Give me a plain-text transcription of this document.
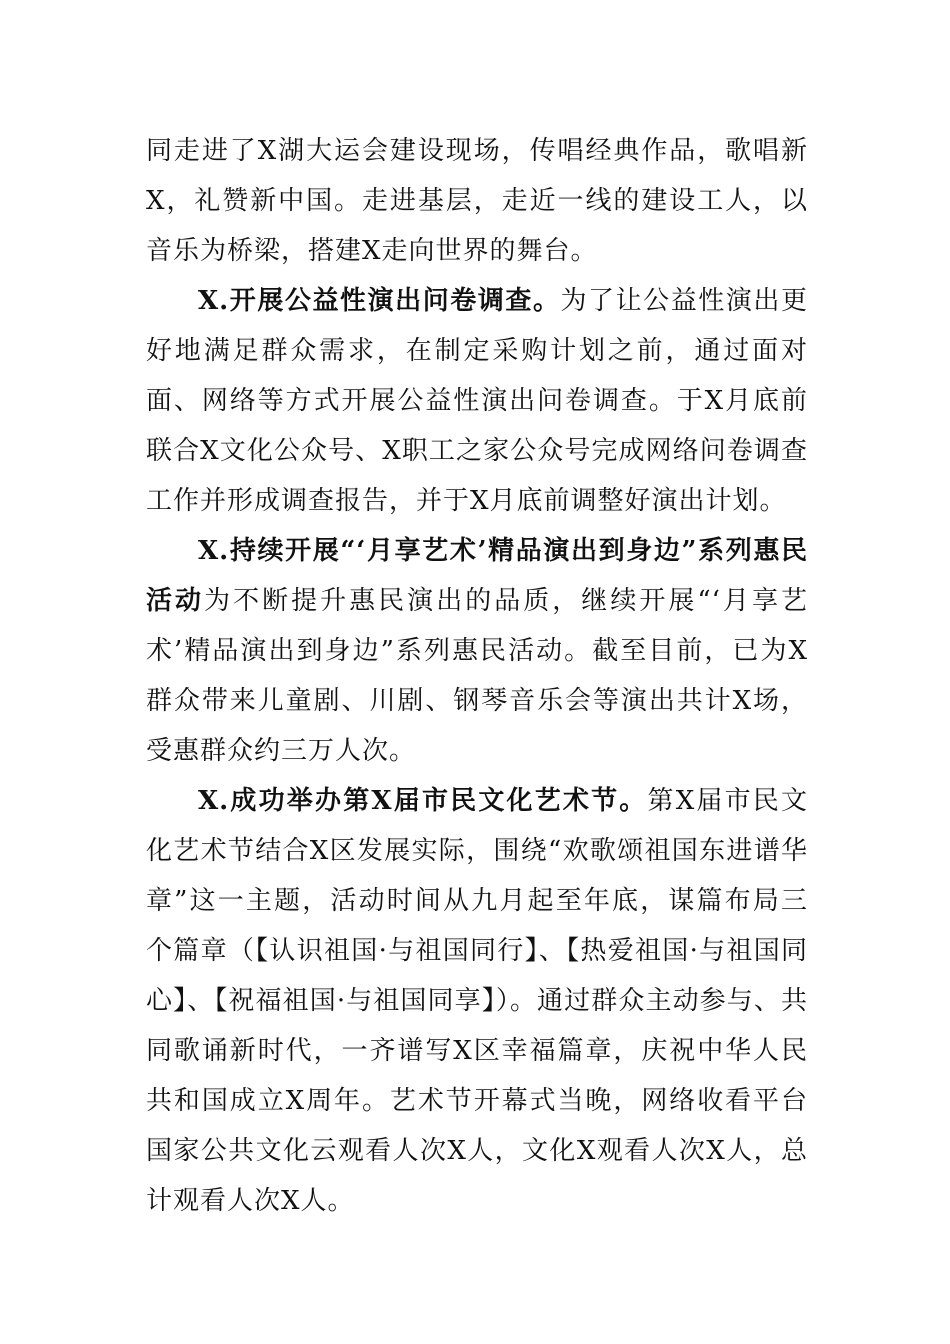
同走进了X湖大运会建设现场，传唱经典作品，歌唱新X，礼赞新中国。走进基层，走近一线的建设工人，以音乐为桥梁，搭建X走向世界的舞台。

X.开展公益性演出问卷调查。为了让公益性演出更好地满足群众需求，在制定采购计划之前，通过面对面、网络等方式开展公益性演出问卷调查。于X月底前联合X文化公众号、X职工之家公众号完成网络问卷调查工作并形成调查报告，并于X月底前调整好演出计划。

X.持续开展“‘月享艺术’精品演出到身边”系列惠民活动为不断提升惠民演出的品质，继续开展“‘月享艺术’精品演出到身边”系列惠民活动。截至目前，已为X群众带来儿童剧、川剧、钢琴音乐会等演出共计X场，受惠群众约三万人次。

X.成功举办第X届市民文化艺术节。第X届市民文化艺术节结合X区发展实际，围绕“欢歌颂祖国东进谱华章”这一主题，活动时间从九月起至年底，谋篇布局三个篇章（【认识祖国·与祖国同行】、【热爱祖国·与祖国同心】、【祝福祖国·与祖国同享】）。通过群众主动参与、共同歌诵新时代，一齐谱写X区幸福篇章，庆祝中华人民共和国成立X周年。艺术节开幕式当晚，网络收看平台国家公共文化云观看人次X人，文化X观看人次X人，总计观看人次X人。
